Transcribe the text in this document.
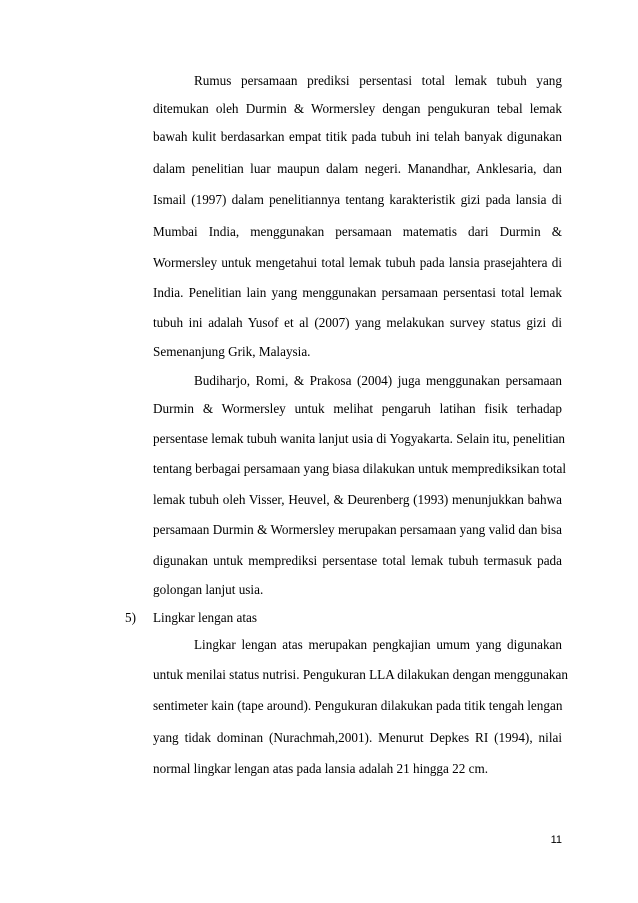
Rumus persamaan prediksi persentasi total lemak tubuh yang
ditemukan oleh Durmin & Wormersley dengan pengukuran tebal lemak
bawah kulit berdasarkan empat titik pada tubuh ini telah banyak digunakan
dalam penelitian luar maupun dalam negeri. Manandhar, Anklesaria, dan
Ismail (1997) dalam penelitiannya tentang karakteristik gizi pada lansia di
Mumbai India, menggunakan persamaan matematis dari Durmin &
Wormersley untuk mengetahui total lemak tubuh pada lansia prasejahtera di
India. Penelitian lain yang menggunakan persamaan persentasi total lemak
tubuh ini adalah Yusof et al (2007) yang melakukan survey status gizi di
Semenanjung Grik, Malaysia.
Budiharjo, Romi, & Prakosa (2004) juga menggunakan persamaan
Durmin & Wormersley untuk melihat pengaruh latihan fisik terhadap
persentase lemak tubuh wanita lanjut usia di Yogyakarta. Selain itu, penelitian
tentang berbagai persamaan yang biasa dilakukan untuk memprediksikan total
lemak tubuh oleh Visser, Heuvel, & Deurenberg (1993) menunjukkan bahwa
persamaan Durmin & Wormersley merupakan persamaan yang valid dan bisa
digunakan untuk memprediksi persentase total lemak tubuh termasuk pada
golongan lanjut usia.
5) Lingkar lengan atas
Lingkar lengan atas merupakan pengkajian umum yang digunakan
untuk menilai status nutrisi. Pengukuran LLA dilakukan dengan menggunakan
sentimeter kain (tape around). Pengukuran dilakukan pada titik tengah lengan
yang tidak dominan (Nurachmah,2001). Menurut Depkes RI (1994), nilai
normal lingkar lengan atas pada lansia adalah 21 hingga 22 cm.
11
